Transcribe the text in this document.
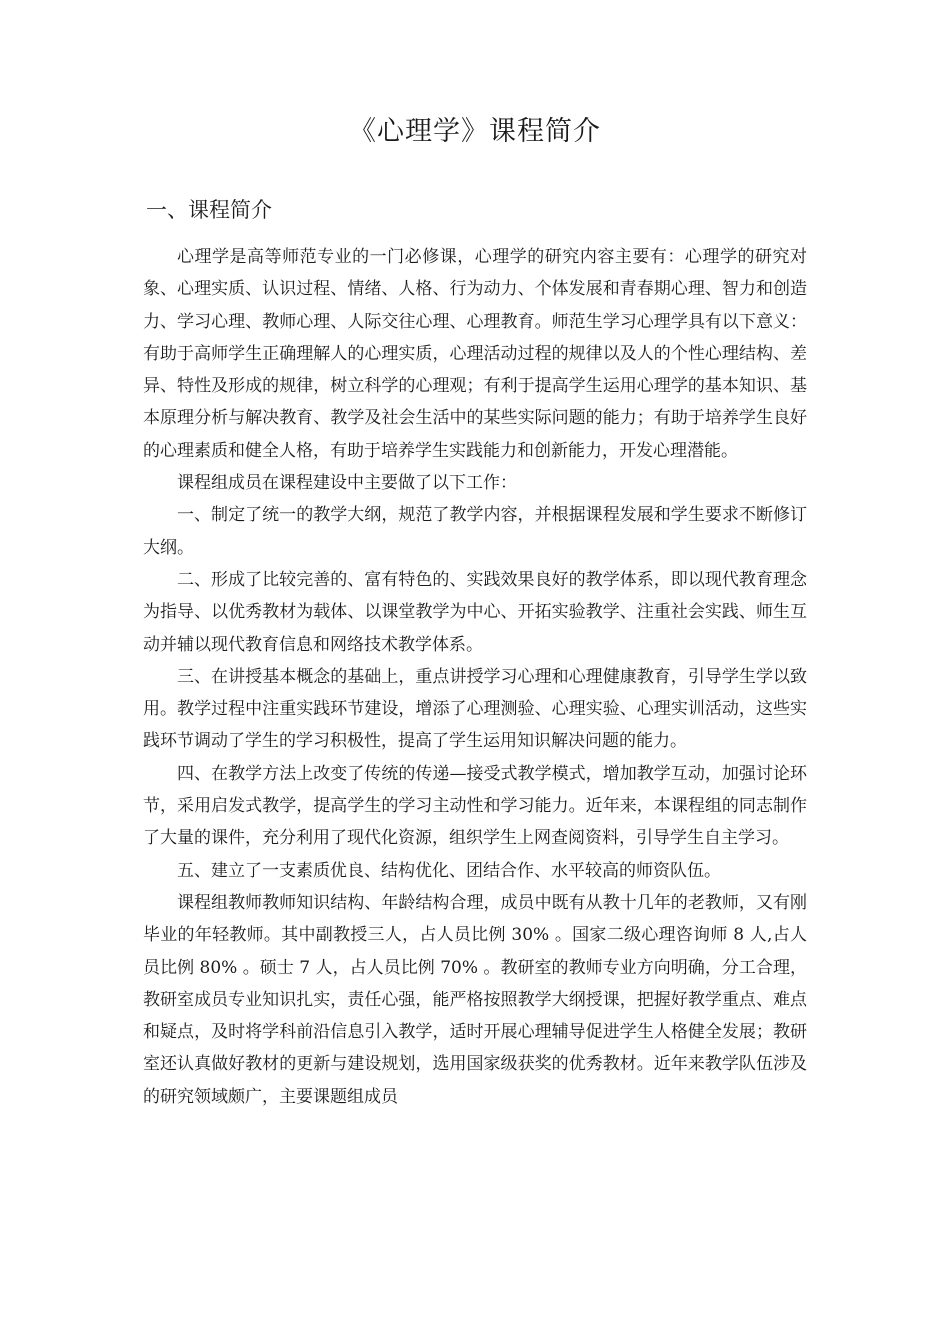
《心理学》课程简介
一、课程简介

心理学是高等师范专业的一门必修课，心理学的研究内容主要有：心理学的研究对象、心理实质、认识过程、情绪、人格、行为动力、个体发展和青春期心理、智力和创造力、学习心理、教师心理、人际交往心理、心理教育。师范生学习心理学具有以下意义：有助于高师学生正确理解人的心理实质，心理活动过程的规律以及人的个性心理结构、差异、特性及形成的规律，树立科学的心理观；有利于提高学生运用心理学的基本知识、基本原理分析与解决教育、教学及社会生活中的某些实际问题的能力；有助于培养学生良好的心理素质和健全人格，有助于培养学生实践能力和创新能力，开发心理潜能。

课程组成员在课程建设中主要做了以下工作：

一、制定了统一的教学大纲，规范了教学内容，并根据课程发展和学生要求不断修订大纲。

二、形成了比较完善的、富有特色的、实践效果良好的教学体系，即以现代教育理念为指导、以优秀教材为载体、以课堂教学为中心、开拓实验教学、注重社会实践、师生互动并辅以现代教育信息和网络技术教学体系。

三、在讲授基本概念的基础上，重点讲授学习心理和心理健康教育，引导学生学以致用。教学过程中注重实践环节建设，增添了心理测验、心理实验、心理实训活动，这些实践环节调动了学生的学习积极性，提高了学生运用知识解决问题的能力。

四、在教学方法上改变了传统的传递—接受式教学模式，增加教学互动，加强讨论环节，采用启发式教学，提高学生的学习主动性和学习能力。近年来，本课程组的同志制作了大量的课件，充分利用了现代化资源，组织学生上网查阅资料，引导学生自主学习。

五、建立了一支素质优良、结构优化、团结合作、水平较高的师资队伍。

课程组教师教师知识结构、年龄结构合理，成员中既有从教十几年的老教师，又有刚毕业的年轻教师。其中副教授三人，占人员比例 30% 。国家二级心理咨询师 8 人,占人员比例 80% 。硕士 7 人，占人员比例 70% 。教研室的教师专业方向明确，分工合理，教研室成员专业知识扎实，责任心强，能严格按照教学大纲授课，把握好教学重点、难点和疑点，及时将学科前沿信息引入教学，适时开展心理辅导促进学生人格健全发展；教研室还认真做好教材的更新与建设规划，选用国家级获奖的优秀教材。近年来教学队伍涉及的研究领域颇广，主要课题组成员
